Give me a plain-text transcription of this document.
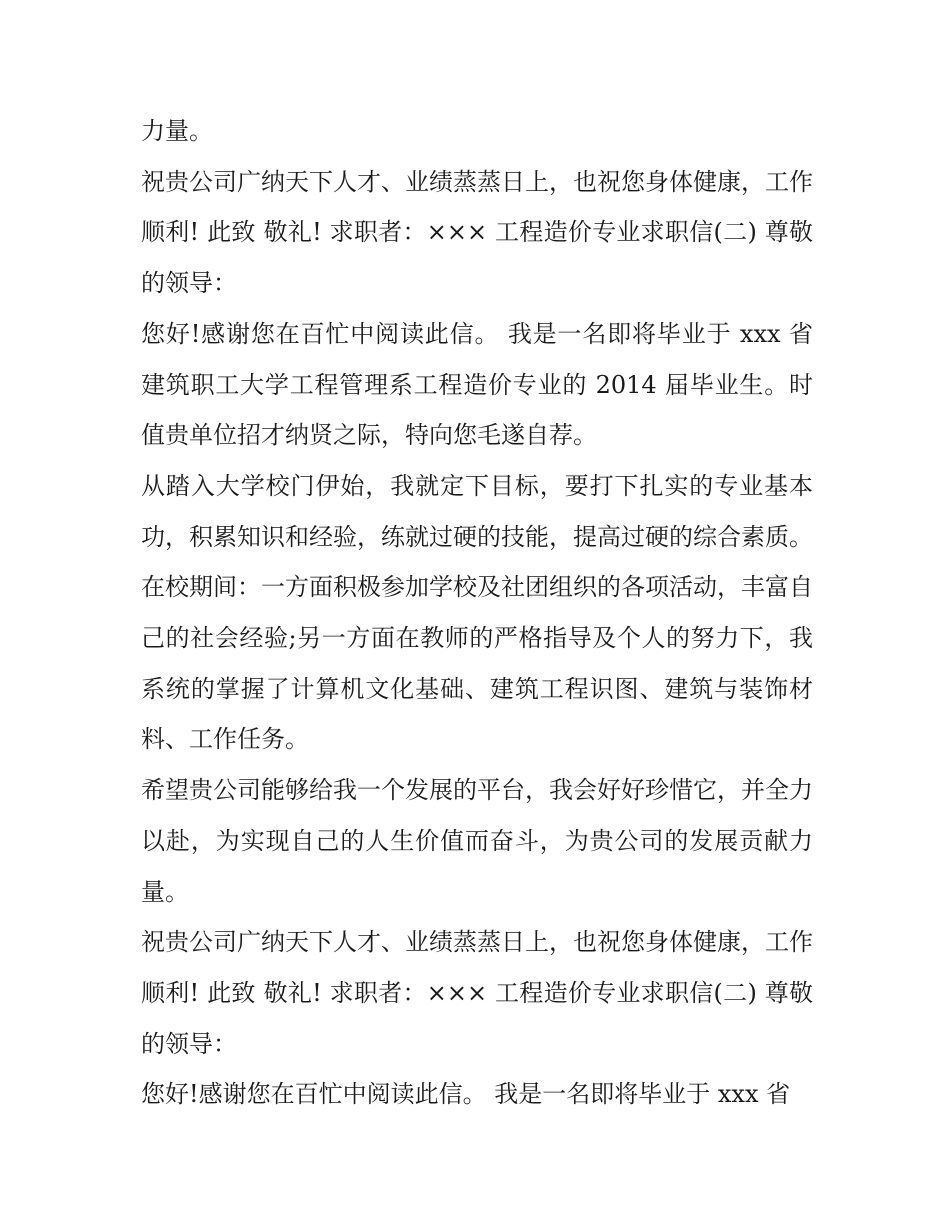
力量。

祝贵公司广纳天下人才、业绩蒸蒸日上，也祝您身体健康，工作顺利! 此致 敬礼! 求职者：××× 工程造价专业求职信(二) 尊敬的领导：

您好!感谢您在百忙中阅读此信。 我是一名即将毕业于 xxx 省建筑职工大学工程管理系工程造价专业的 2014 届毕业生。时值贵单位招才纳贤之际，特向您毛遂自荐。

从踏入大学校门伊始，我就定下目标，要打下扎实的专业基本功，积累知识和经验，练就过硬的技能，提高过硬的综合素质。在校期间：一方面积极参加学校及社团组织的各项活动，丰富自己的社会经验;另一方面在教师的严格指导及个人的努力下，我系统的掌握了计算机文化基础、建筑工程识图、建筑与装饰材料、工作任务。

希望贵公司能够给我一个发展的平台，我会好好珍惜它，并全力以赴，为实现自己的人生价值而奋斗，为贵公司的发展贡献力量。

祝贵公司广纳天下人才、业绩蒸蒸日上，也祝您身体健康，工作顺利! 此致 敬礼! 求职者：××× 工程造价专业求职信(二) 尊敬的领导：

您好!感谢您在百忙中阅读此信。 我是一名即将毕业于 xxx 省
